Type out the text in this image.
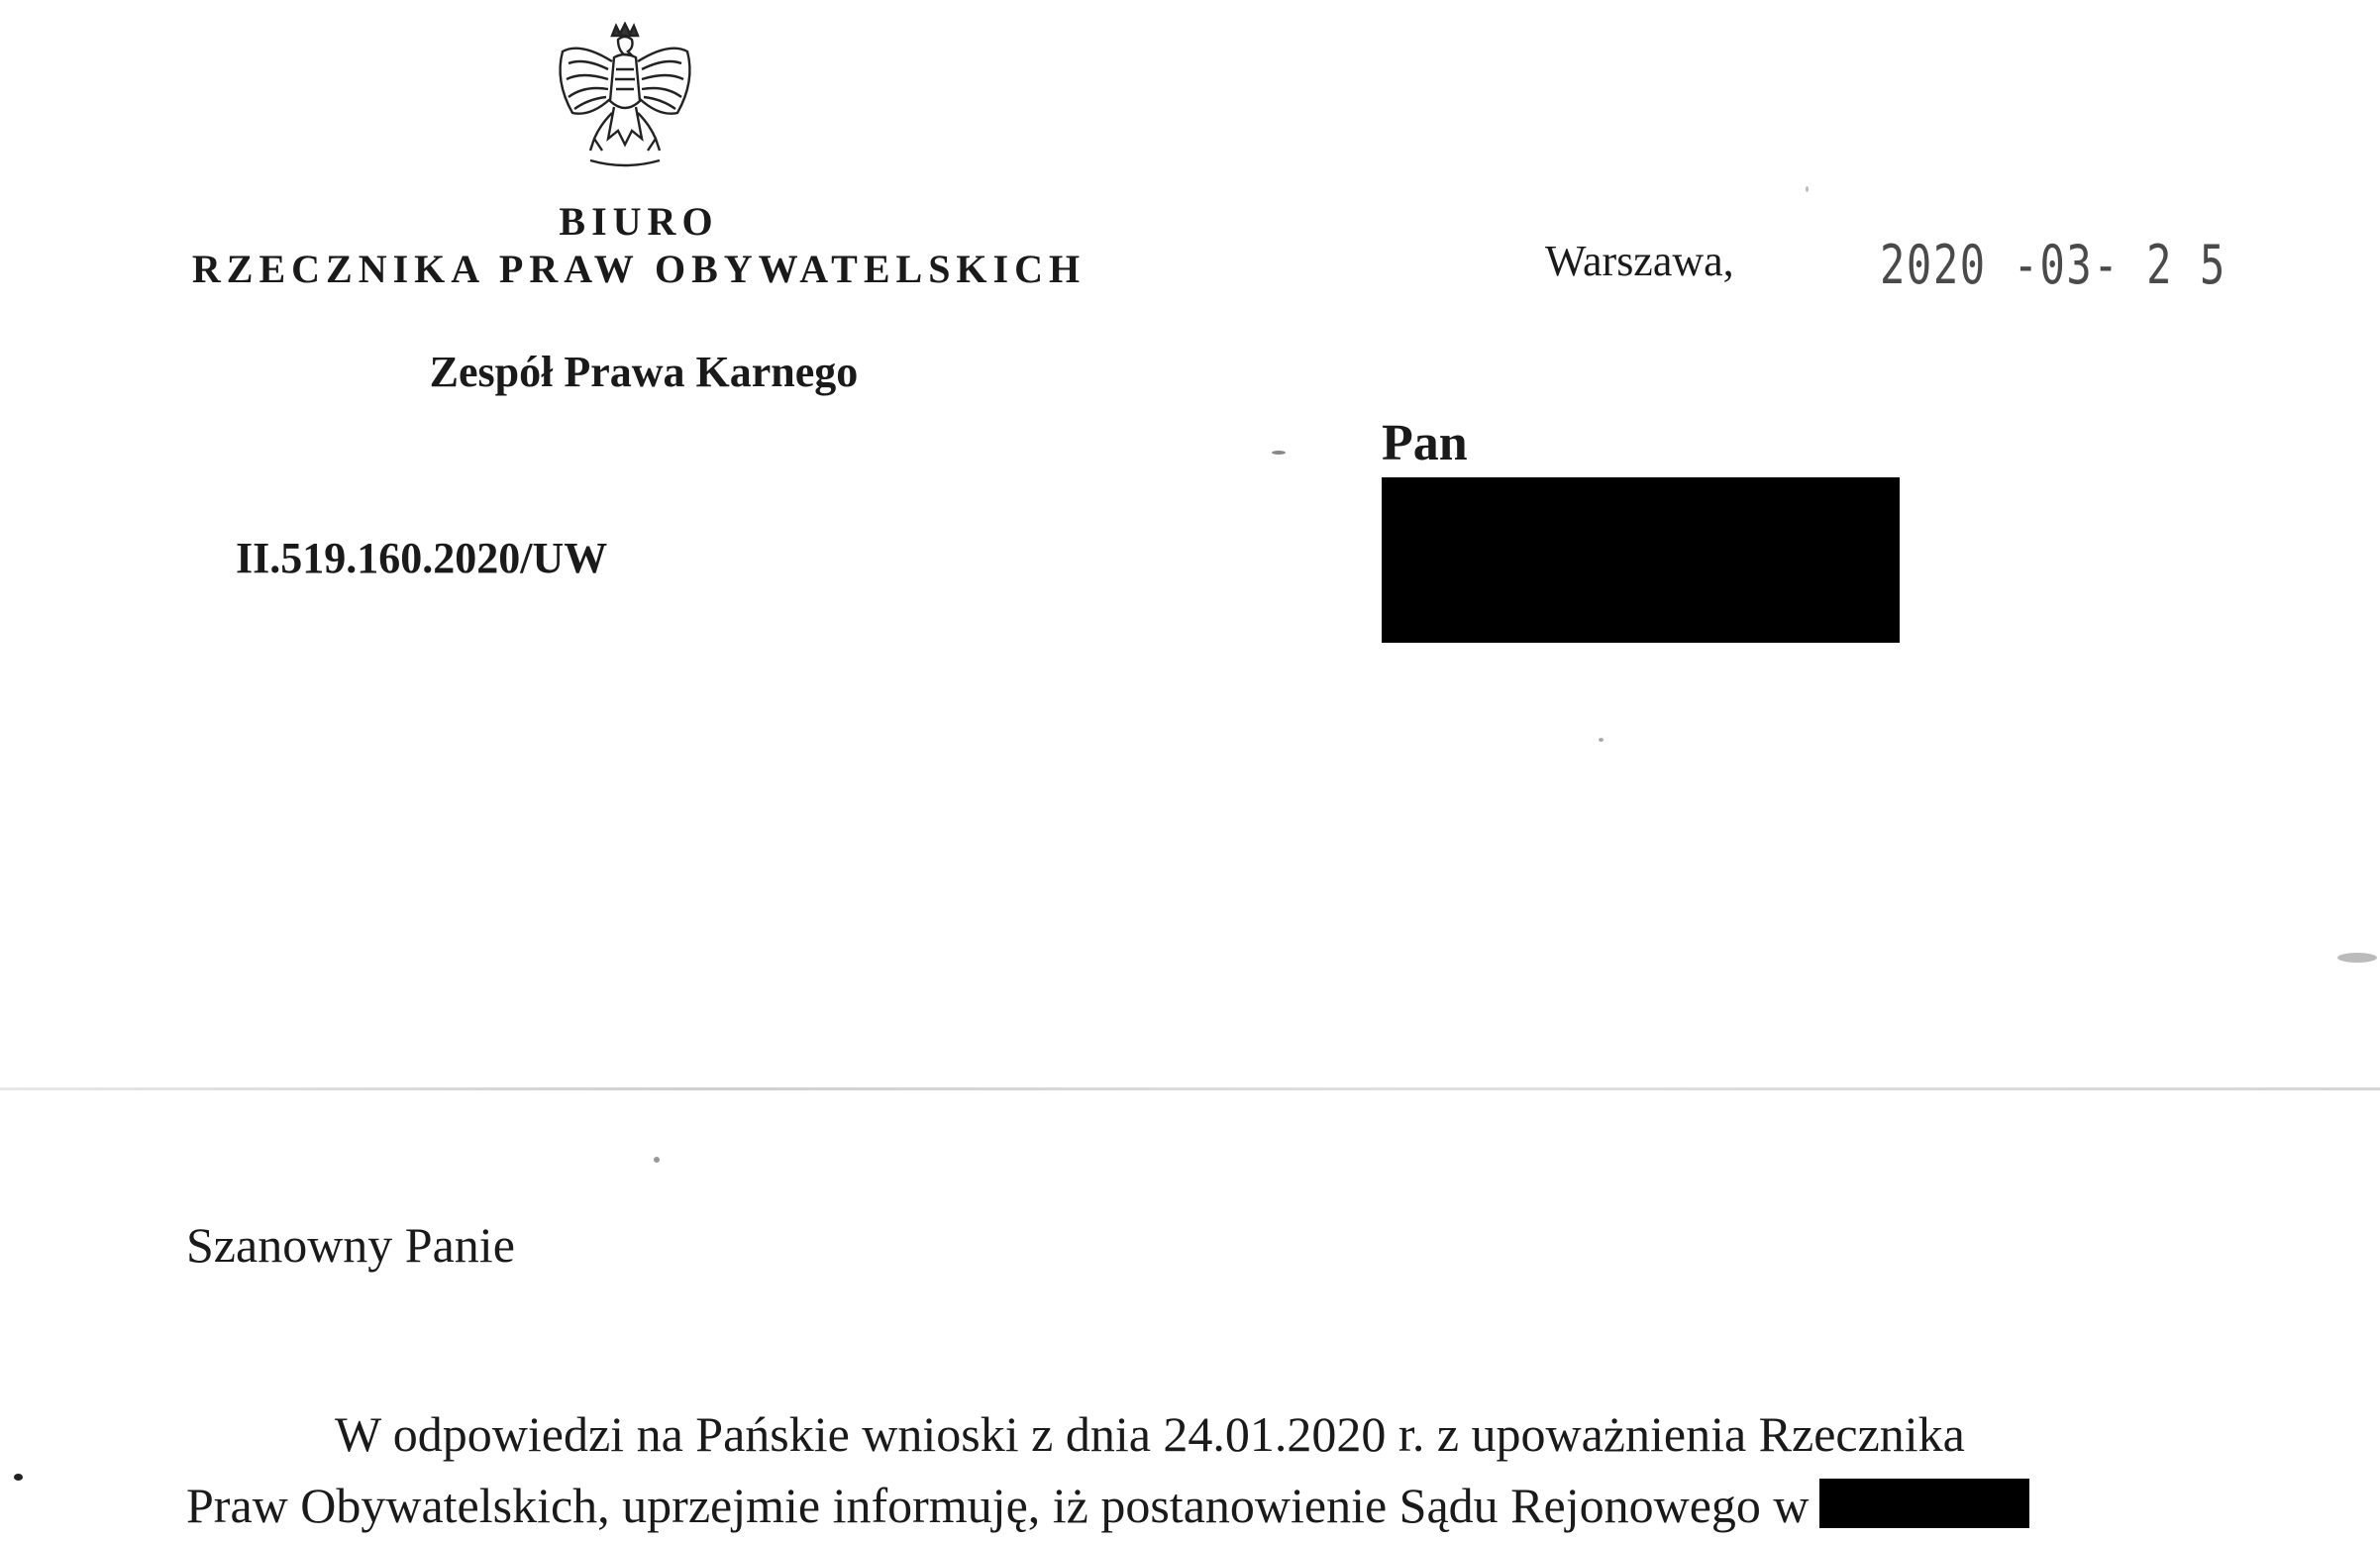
BIURO
RZECZNIKA PRAW OBYWATELSKICH
Zespół Prawa Karnego
II.519.160.2020/UW
Warszawa,	2020 -03- 2 5
Pan
Szanowny Panie
W odpowiedzi na Pańskie wnioski z dnia 24.01.2020 r. z upoważnienia Rzecznika
Praw Obywatelskich, uprzejmie informuję, iż postanowienie Sądu Rejonowego w
